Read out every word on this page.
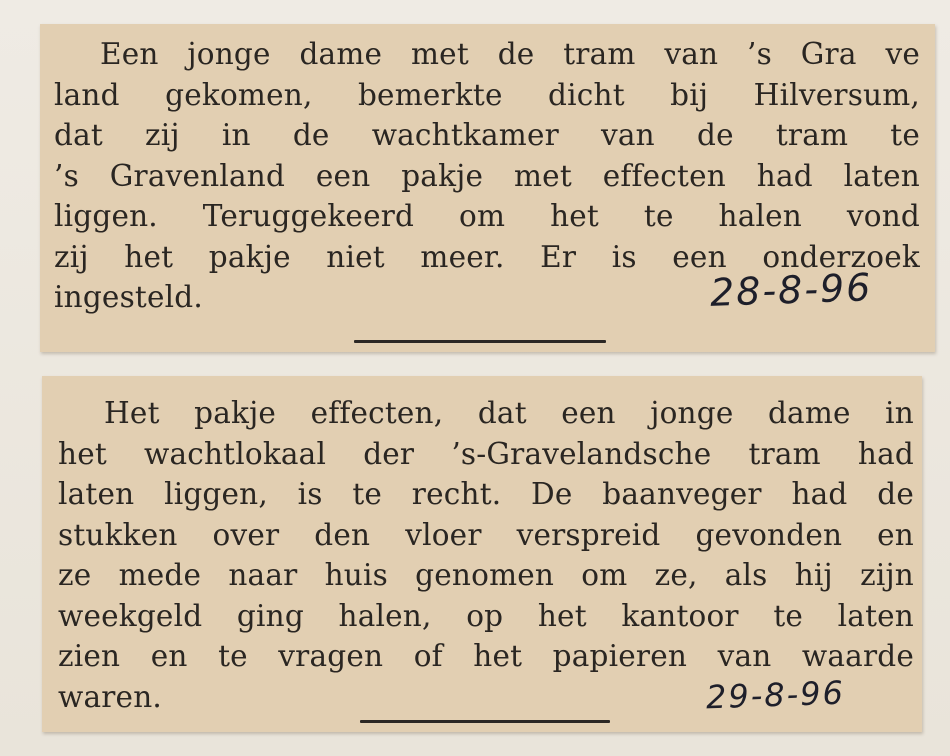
Een jonge dame met de tram van ’s Gra ve
land gekomen, bemerkte dicht bij Hilversum,
dat zij in de wachtkamer van de tram te
’s Gravenland een pakje met effecten had laten
liggen. Teruggekeerd om het te halen vond
zij het pakje niet meer. Er is een onderzoek
ingesteld.	28-8-96

Het pakje effecten, dat een jonge dame in
het wachtlokaal der ’s-Gravelandsche tram had
laten liggen, is te recht. De baanveger had de
stukken over den vloer verspreid gevonden en
ze mede naar huis genomen om ze, als hij zijn
weekgeld ging halen, op het kantoor te laten
zien en te vragen of het papieren van waarde
waren.	29-8-96
